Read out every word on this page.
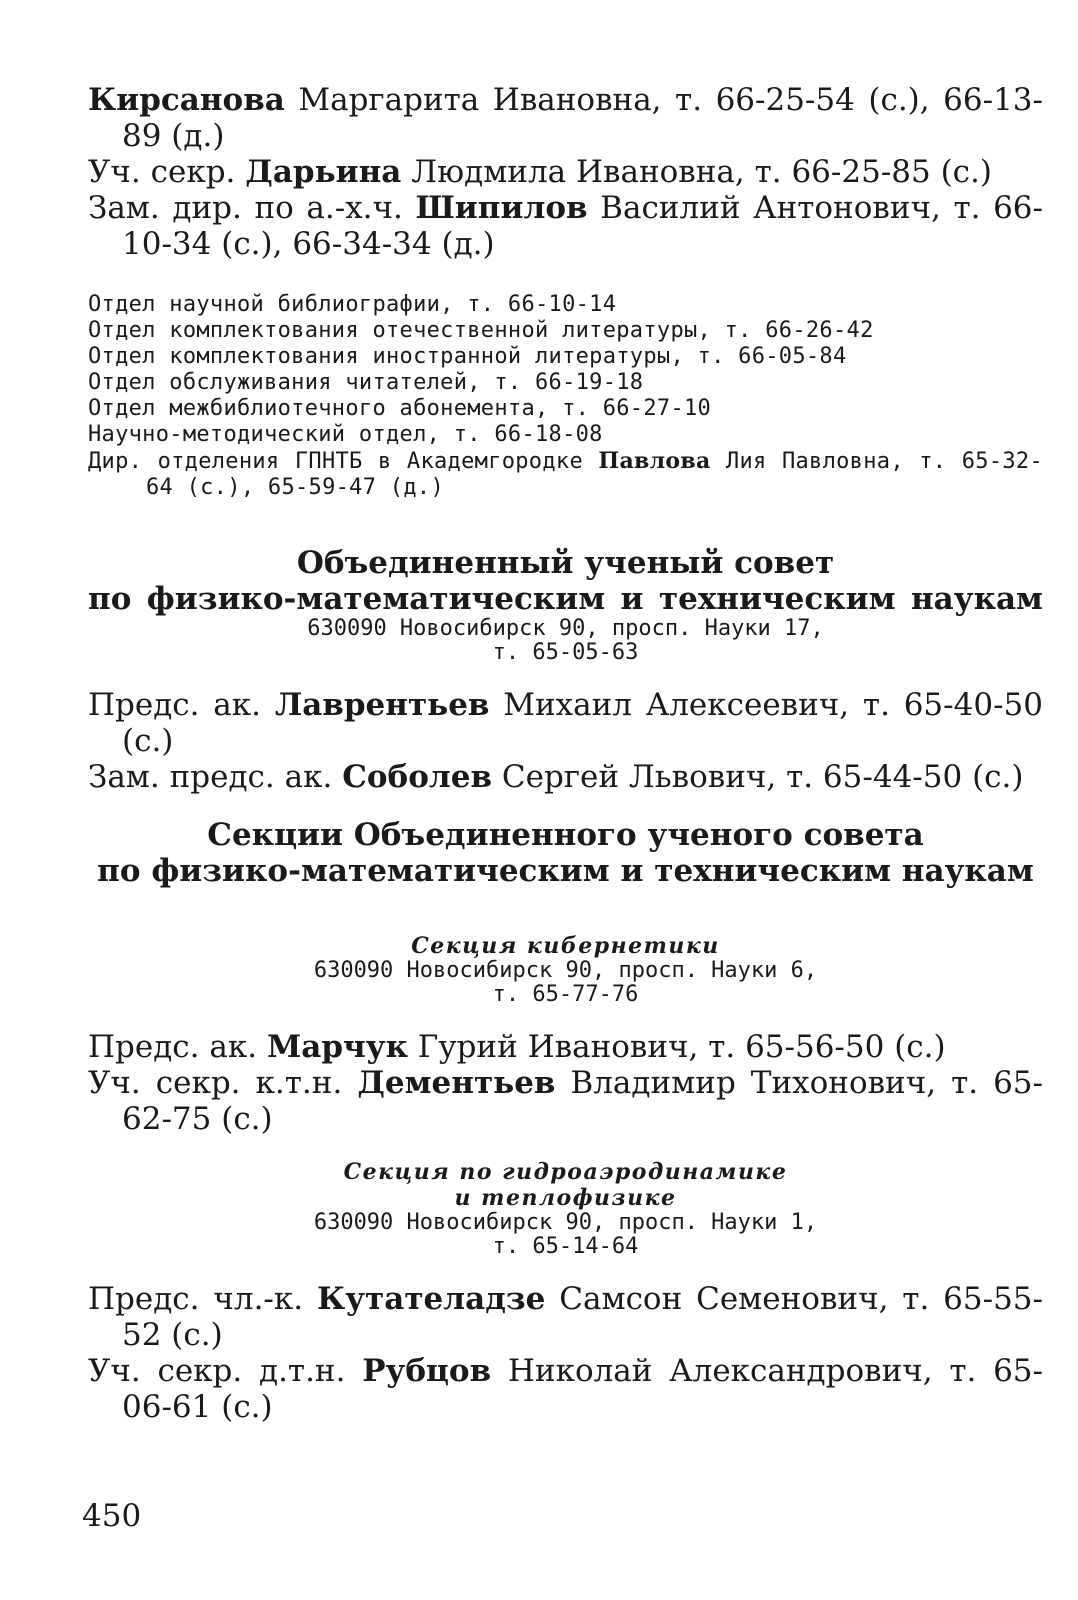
Кирсанова Маргарита Ивановна, т. 66-25-54 (с.), 66-13-89 (д.)
Уч. секр. Дарьина Людмила Ивановна, т. 66-25-85 (с.)
Зам. дир. по а.-х.ч. Шипилов Василий Антонович, т. 66-10-34 (с.), 66-34-34 (д.)
Отдел научной библиографии, т. 66-10-14
Отдел комплектования отечественной литературы, т. 66-26-42
Отдел комплектования иностранной литературы, т. 66-05-84
Отдел обслуживания читателей, т. 66-19-18
Отдел межбиблиотечного абонемента, т. 66-27-10
Научно-методический отдел, т. 66-18-08
Дир. отделения ГПНТБ в Академгородке Павлова Лия Павловна, т. 65-32-64 (с.), 65-59-47 (д.)
Объединенный ученый совет
по физико-математическим и техническим наукам
630090 Новосибирск 90, просп. Науки 17,
т. 65-05-63
Предс. ак. Лаврентьев Михаил Алексеевич, т. 65-40-50 (с.)
Зам. предс. ак. Соболев Сергей Львович, т. 65-44-50 (с.)
Секции Объединенного ученого совета
по физико-математическим и техническим наукам
Секция кибернетики
630090 Новосибирск 90, просп. Науки 6,
т. 65-77-76
Предс. ак. Марчук Гурий Иванович, т. 65-56-50 (с.)
Уч. секр. к.т.н. Дементьев Владимир Тихонович, т. 65-62-75 (с.)
Секция по гидроаэродинамике
и теплофизике
630090 Новосибирск 90, просп. Науки 1,
т. 65-14-64
Предс. чл.-к. Кутателадзе Самсон Семенович, т. 65-55-52 (с.)
Уч. секр. д.т.н. Рубцов Николай Александрович, т. 65-06-61 (с.)
450
